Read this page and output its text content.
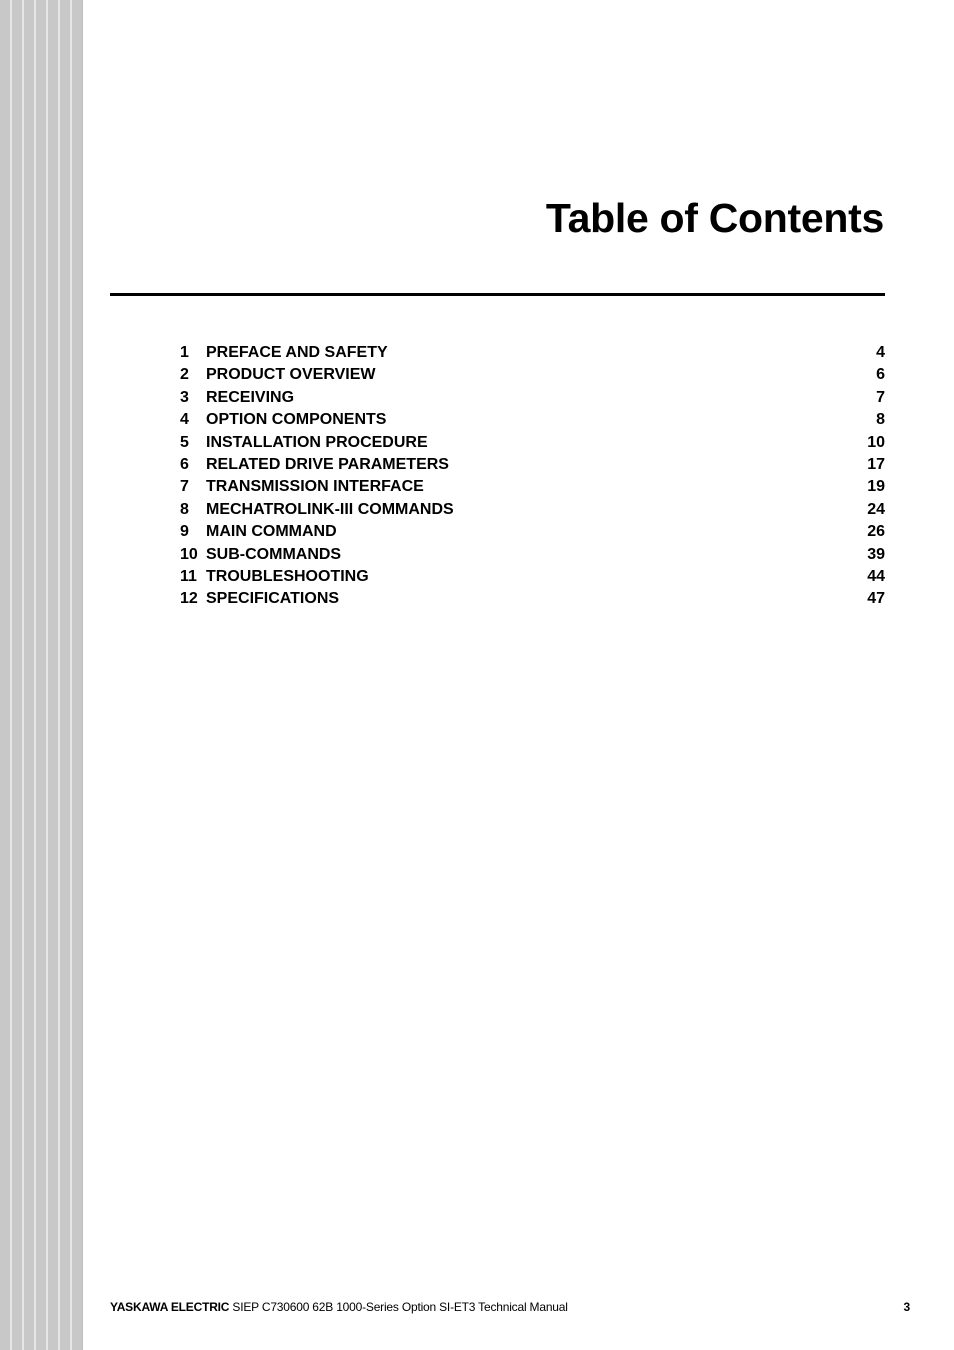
Table of Contents
1	PREFACE AND SAFETY	4
2	PRODUCT OVERVIEW	6
3	RECEIVING	7
4	OPTION COMPONENTS	8
5	INSTALLATION PROCEDURE	10
6	RELATED DRIVE PARAMETERS	17
7	TRANSMISSION INTERFACE	19
8	MECHATROLINK-III COMMANDS	24
9	MAIN COMMAND	26
10 SUB-COMMANDS	39
11 TROUBLESHOOTING	44
12 SPECIFICATIONS	47
YASKAWA ELECTRIC SIEP C730600 62B 1000-Series Option SI-ET3 Technical Manual	3
